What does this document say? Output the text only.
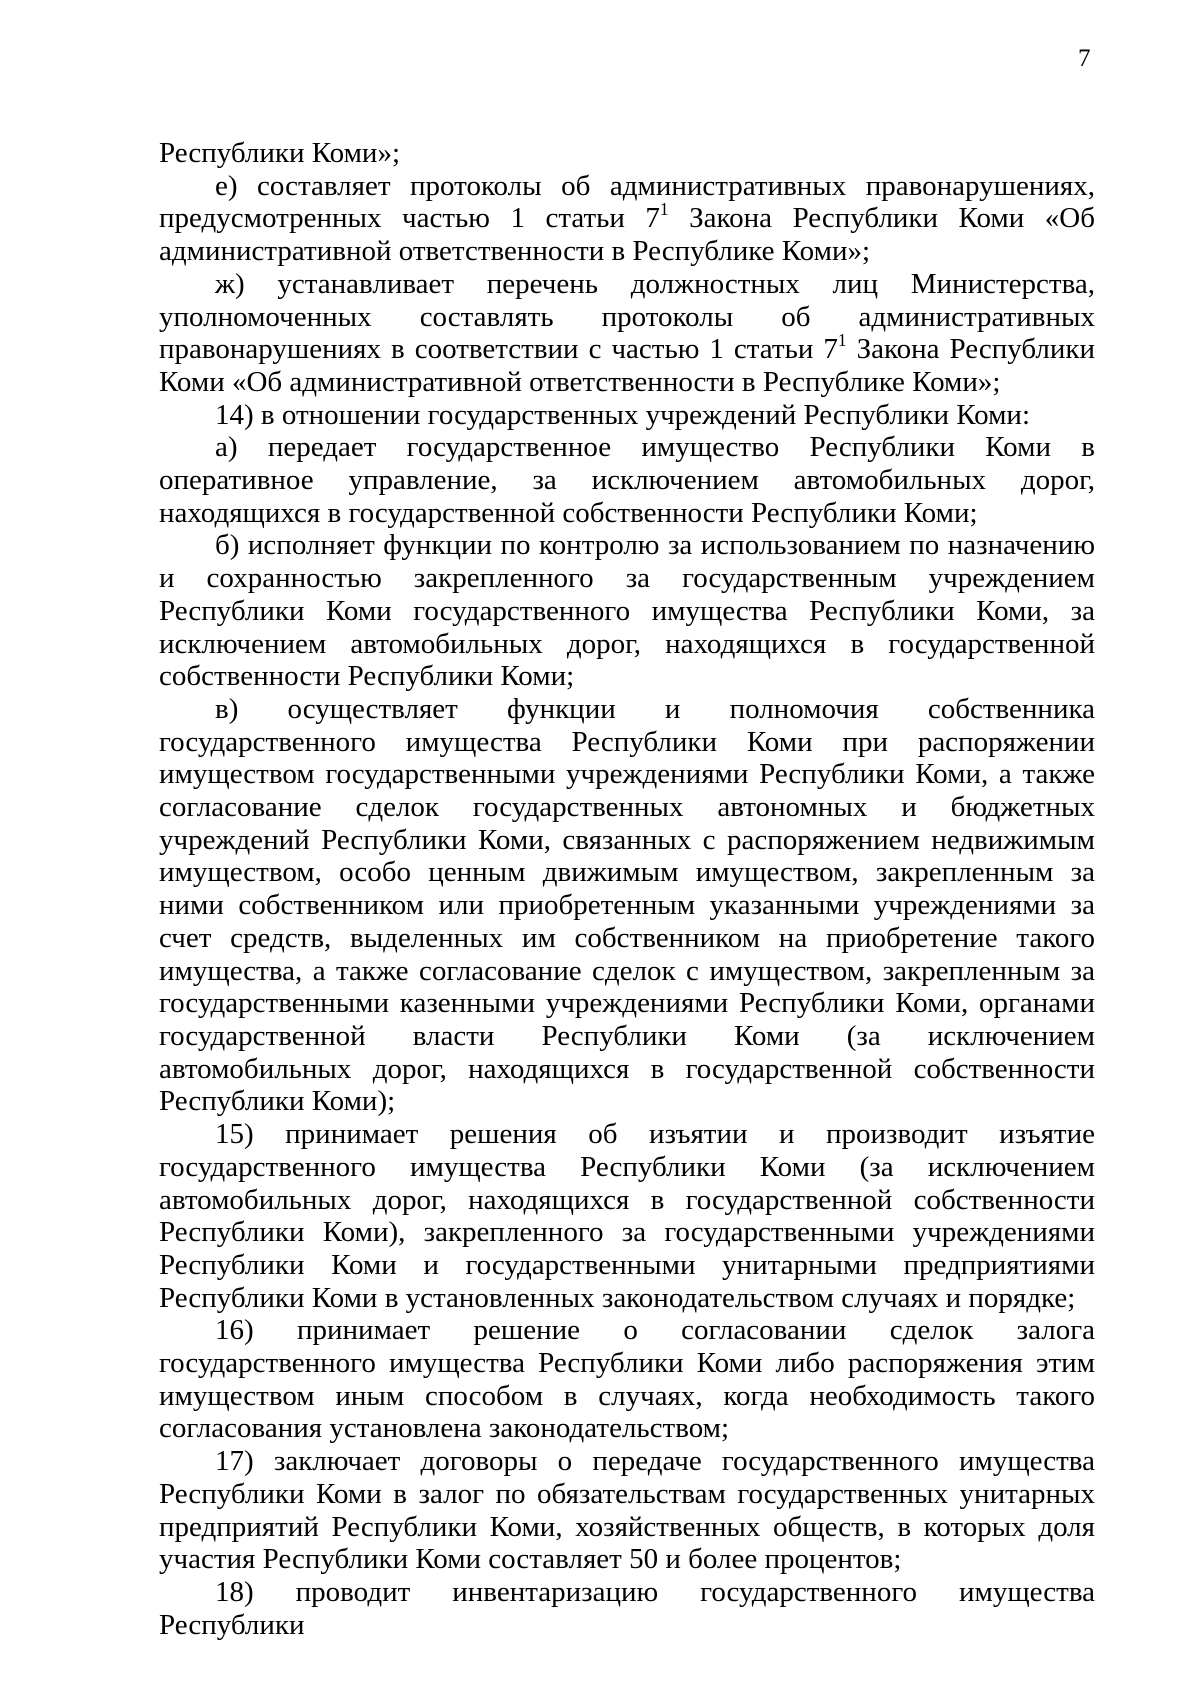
7

Республики Коми»;

е) составляет протоколы об административных правонарушениях, предусмотренных частью 1 статьи $7^1$ Закона Республики Коми «Об административной ответственности в Республике Коми»;

ж) устанавливает перечень должностных лиц Министерства, уполномоченных составлять протоколы об административных правонарушениях в соответствии с частью 1 статьи $7^1$ Закона Республики Коми «Об административной ответственности в Республике Коми»;

14) в отношении государственных учреждений Республики Коми:

а) передает государственное имущество Республики Коми в оперативное управление, за исключением автомобильных дорог, находящихся в государственной собственности Республики Коми;

б) исполняет функции по контролю за использованием по назначению и сохранностью закрепленного за государственным учреждением Республики Коми государственного имущества Республики Коми, за исключением автомобильных дорог, находящихся в государственной собственности Республики Коми;

в) осуществляет функции и полномочия собственника государственного имущества Республики Коми при распоряжении имуществом государственными учреждениями Республики Коми, а также согласование сделок государственных автономных и бюджетных учреждений Республики Коми, связанных с распоряжением недвижимым имуществом, особо ценным движимым имуществом, закрепленным за ними собственником или приобретенным указанными учреждениями за счет средств, выделенных им собственником на приобретение такого имущества, а также согласование сделок с имуществом, закрепленным за государственными казенными учреждениями Республики Коми, органами государственной власти Республики Коми (за исключением автомобильных дорог, находящихся в государственной собственности Республики Коми);

15) принимает решения об изъятии и производит изъятие государственного имущества Республики Коми (за исключением автомобильных дорог, находящихся в государственной собственности Республики Коми), закрепленного за государственными учреждениями Республики Коми и государственными унитарными предприятиями Республики Коми в установленных законодательством случаях и порядке;

16) принимает решение о согласовании сделок залога государственного имущества Республики Коми либо распоряжения этим имуществом иным способом в случаях, когда необходимость такого согласования установлена законодательством;

17) заключает договоры о передаче государственного имущества Республики Коми в залог по обязательствам государственных унитарных предприятий Республики Коми, хозяйственных обществ, в которых доля участия Республики Коми составляет 50 и более процентов;

18) проводит инвентаризацию государственного имущества Республики
